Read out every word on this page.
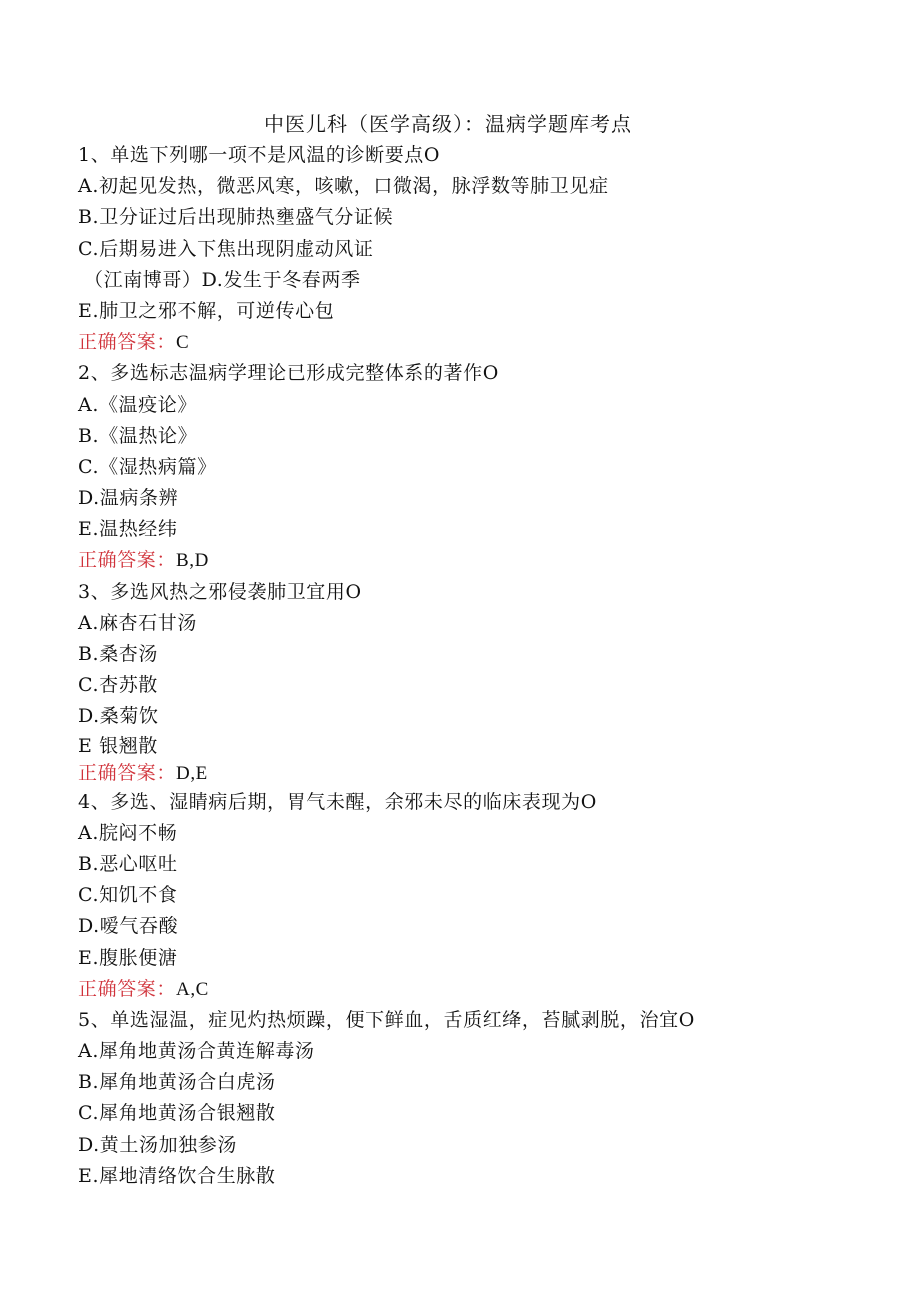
中医儿科（医学高级）：温病学题库考点
1、单选下列哪一项不是风温的诊断要点O
A.初起见发热，微恶风寒，咳嗽，口微渴，脉浮数等肺卫见症
B.卫分证过后出现肺热壅盛气分证候
C.后期易进入下焦出现阴虚动风证
（江南博哥）D.发生于冬春两季
E.肺卫之邪不解，可逆传心包
正确答案：C
2、多选标志温病学理论已形成完整体系的著作O
A.《温疫论》
B.《温热论》
C.《湿热病篇》
D.温病条辨
E.温热经纬
正确答案：B,D
3、多选风热之邪侵袭肺卫宜用O
A.麻杏石甘汤
B.桑杏汤
C.杏苏散
D.桑菊饮
E 银翘散
正确答案：D,E
4、多选、湿睛病后期，胃气未醒，余邪未尽的临床表现为O
A.脘闷不畅
B.恶心呕吐
C.知饥不食
D.嗳气吞酸
E.腹胀便溏
正确答案：A,C
5、单选湿温，症见灼热烦躁，便下鲜血，舌质红绛，苔腻剥脱，治宜O
A.犀角地黄汤合黄连解毒汤
B.犀角地黄汤合白虎汤
C.犀角地黄汤合银翘散
D.黄土汤加独参汤
E.犀地清络饮合生脉散
